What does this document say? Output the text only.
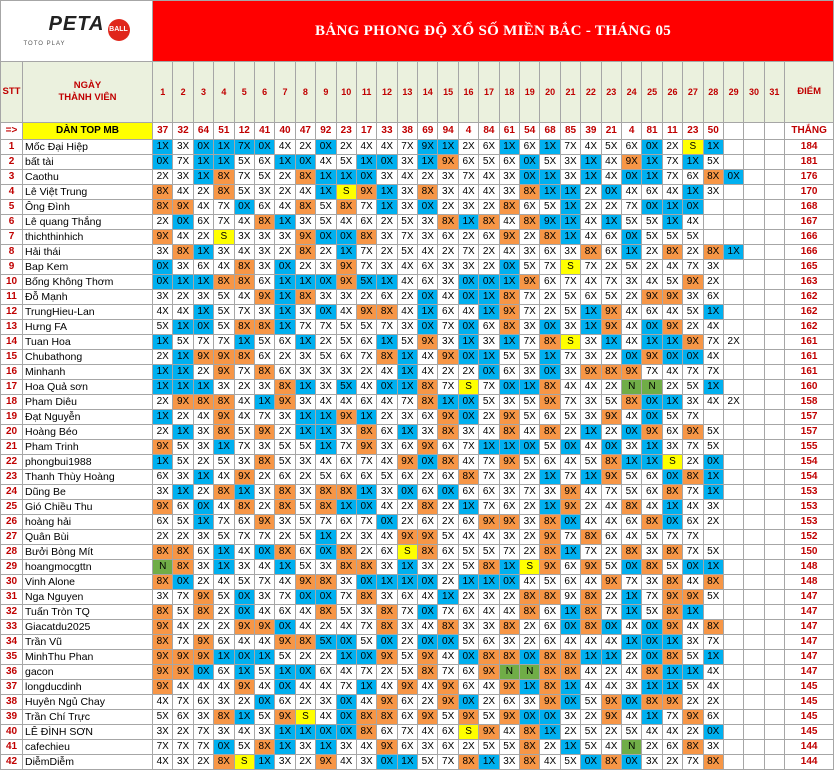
PETA BALL
TOTO PLAY		BẢNG PHONG ĐỘ XỔ SỐ MIỀN BẮC - THÁNG 05																															
STT	NGÀY
THÀNH VIÊN	1	2	3	4	5	6	7	8	9	10	11	12	13	14	15	16	17	18	19	20	21	22	23	24	25	26	27	28	29	30	31	ĐIỂM
=>	DÀN TOP MB	37	32	64	51	12	41	40	47	92	23	17	33	38	69	94	4	84	61	54	68	85	39	21	4	81	11	23	50				THẮNG
1	Mốc Đại Hiệp	1X	3X	0X	1X	7X	0X	4X	2X	0X	2X	4X	4X	7X	9X	1X	2X	6X	1X	6X	1X	7X	4X	5X	6X	0X	2X	S	1X				184
2	bất tài	0X	7X	1X	1X	5X	6X	1X	0X	4X	5X	1X	0X	3X	1X	9X	6X	5X	6X	0X	5X	3X	1X	4X	9X	1X	7X	1X	5X				181
3	Caothu	2X	3X	1X	8X	7X	5X	2X	8X	1X	1X	0X	3X	4X	2X	3X	7X	4X	3X	0X	1X	3X	1X	4X	0X	1X	7X	6X	8X	0X			176
4	Lê Việt Trung	8X	4X	2X	8X	5X	3X	2X	4X	1X	S	9X	1X	3X	8X	3X	4X	4X	3X	8X	1X	1X	2X	0X	4X	6X	4X	1X	3X				170
5	Ông Đình	8X	9X	4X	7X	0X	6X	4X	8X	5X	8X	7X	1X	3X	0X	2X	3X	2X	8X	6X	5X	1X	2X	2X	7X	0X	1X	0X					168
6	Lê quang Thắng	2X	0X	6X	7X	4X	8X	1X	3X	5X	4X	6X	2X	5X	3X	8X	1X	8X	4X	8X	9X	1X	4X	1X	5X	5X	1X	4X					167
7	thichthinhich	9X	4X	2X	S	3X	3X	3X	9X	0X	0X	8X	3X	7X	3X	6X	2X	6X	9X	2X	8X	1X	4X	6X	0X	5X	5X	5X					166
8	Hải thái	3X	8X	1X	3X	4X	3X	2X	8X	2X	1X	7X	2X	5X	4X	2X	7X	2X	4X	3X	6X	3X	8X	6X	1X	2X	8X	2X	8X	1X			166
9	Bap Kem	0X	3X	6X	4X	8X	3X	0X	2X	3X	9X	7X	3X	4X	6X	3X	3X	2X	0X	5X	7X	S	7X	2X	5X	2X	4X	7X	3X				165
10	Bống Không Thơm	0X	1X	1X	8X	8X	6X	1X	1X	0X	9X	5X	1X	4X	6X	3X	0X	0X	1X	9X	6X	7X	4X	7X	3X	4X	5X	9X	2X				163
11	Đỗ Mạnh	3X	2X	3X	5X	4X	9X	1X	8X	3X	3X	2X	6X	2X	0X	4X	0X	1X	8X	7X	2X	5X	6X	5X	2X	9X	9X	3X	6X				162
12	TrungHieu-Lan	4X	4X	1X	5X	7X	3X	1X	3X	0X	4X	9X	8X	4X	1X	6X	4X	1X	9X	7X	2X	5X	1X	9X	4X	6X	4X	5X	1X				162
13	Hưng FA	5X	1X	0X	5X	8X	8X	1X	7X	7X	5X	5X	7X	3X	0X	7X	0X	6X	8X	3X	0X	3X	1X	9X	4X	0X	9X	2X	4X				162
14	Tuan Hoa	1X	5X	7X	7X	1X	5X	6X	1X	2X	5X	6X	1X	5X	9X	3X	1X	3X	1X	7X	8X	S	3X	1X	4X	1X	1X	9X	7X	2X			161
15	Chubathong	2X	1X	9X	9X	8X	6X	2X	3X	5X	6X	7X	8X	1X	4X	9X	0X	1X	5X	5X	1X	7X	3X	2X	0X	9X	0X	0X	4X				161
16	Minhanh	1X	1X	2X	9X	7X	8X	6X	3X	3X	3X	2X	4X	1X	4X	2X	2X	0X	6X	3X	0X	3X	9X	8X	9X	7X	4X	7X	7X				161
17	Hoa Quả sơn	1X	1X	1X	3X	2X	3X	8X	1X	3X	5X	4X	0X	1X	8X	7X	S	7X	0X	1X	8X	4X	4X	2X	N	N	2X	5X	1X				160
18	Pham Diêu	2X	9X	8X	8X	4X	1X	9X	3X	4X	4X	6X	4X	7X	8X	1X	0X	5X	3X	5X	9X	7X	3X	5X	8X	0X	1X	3X	4X	2X			158
19	Đạt Nguyễn	1X	2X	4X	9X	4X	7X	3X	1X	1X	9X	1X	2X	3X	6X	9X	0X	2X	9X	5X	6X	5X	3X	9X	4X	0X	5X	7X					157
20	Hoàng Béo	2X	1X	3X	8X	5X	9X	2X	1X	1X	3X	8X	6X	1X	3X	8X	3X	4X	8X	4X	8X	2X	1X	2X	0X	9X	6X	9X	5X				157
21	Pham Trinh	9X	5X	3X	1X	7X	3X	5X	5X	1X	7X	9X	3X	6X	9X	6X	7X	1X	1X	0X	5X	0X	4X	0X	3X	1X	3X	7X	5X				155
22	phongbui1988	1X	5X	2X	5X	3X	8X	5X	3X	4X	6X	7X	4X	9X	0X	8X	4X	7X	9X	5X	6X	4X	5X	8X	1X	1X	S	2X	0X				154
23	Thanh Thùy Hoàng	6X	3X	1X	4X	9X	2X	6X	2X	5X	6X	6X	5X	6X	2X	6X	8X	7X	3X	2X	1X	7X	1X	9X	5X	6X	0X	8X	1X				154
24	Dũng Be	3X	1X	2X	8X	1X	3X	8X	3X	8X	8X	1X	3X	0X	6X	0X	6X	6X	3X	7X	3X	9X	4X	7X	5X	6X	8X	7X	1X				153
25	Gió Chiều Thu	9X	6X	0X	4X	8X	2X	8X	5X	8X	1X	0X	4X	2X	8X	2X	1X	7X	6X	2X	1X	9X	2X	4X	8X	4X	1X	4X	3X				153
26	hoàng hải	6X	5X	1X	7X	6X	9X	3X	5X	7X	6X	7X	0X	2X	6X	2X	6X	9X	9X	3X	8X	0X	4X	4X	6X	8X	0X	6X	2X				153
27	Quân Bùi	2X	2X	3X	5X	7X	7X	2X	5X	1X	2X	3X	4X	9X	9X	5X	4X	4X	3X	2X	9X	7X	8X	6X	4X	5X	7X	7X					152
28	Bưởi Bòng Mít	8X	8X	6X	1X	4X	0X	8X	6X	0X	8X	2X	6X	S	8X	6X	5X	5X	7X	2X	8X	1X	7X	2X	8X	3X	8X	7X	5X				150
29	hoangmocgttn	N	8X	3X	1X	3X	4X	1X	5X	3X	8X	8X	3X	1X	3X	2X	5X	8X	1X	S	9X	6X	9X	5X	0X	8X	5X	0X	1X				148
30	Vinh Alone	8X	0X	2X	4X	5X	7X	4X	9X	8X	3X	0X	1X	1X	0X	2X	1X	1X	0X	4X	5X	6X	4X	9X	7X	3X	8X	4X	8X				148
31	Nga Nguyen	3X	7X	9X	5X	0X	3X	7X	0X	0X	7X	8X	3X	6X	4X	1X	2X	3X	2X	8X	8X	9X	8X	2X	1X	7X	9X	9X	5X				147
32	Tuấn Tròn TQ	8X	5X	8X	2X	0X	4X	6X	4X	8X	5X	3X	8X	7X	0X	7X	6X	4X	4X	8X	6X	1X	8X	7X	1X	5X	8X	1X					147
33	Giacatdu2025	9X	4X	2X	2X	9X	9X	0X	4X	2X	4X	7X	8X	3X	4X	8X	3X	3X	8X	2X	6X	0X	8X	0X	4X	0X	9X	4X	8X				147
34	Trần Vũ	8X	7X	9X	6X	4X	4X	9X	8X	5X	0X	5X	0X	2X	0X	0X	5X	6X	3X	2X	6X	4X	4X	4X	1X	0X	1X	3X	7X				147
35	MinhThu Phan	9X	9X	9X	1X	0X	1X	5X	2X	2X	1X	0X	9X	5X	9X	4X	0X	8X	8X	0X	8X	8X	1X	1X	2X	0X	8X	5X	1X				147
36	gacon	9X	9X	0X	6X	1X	5X	1X	0X	6X	4X	7X	2X	5X	8X	7X	6X	9X	N	N	8X	8X	4X	2X	4X	8X	1X	1X	4X				147
37	longducdinh	9X	4X	4X	4X	9X	4X	0X	4X	4X	7X	1X	4X	9X	4X	9X	6X	4X	9X	1X	8X	1X	4X	4X	3X	1X	1X	5X	4X				145
38	Huyên Ngủ Chay	4X	7X	6X	3X	2X	0X	6X	2X	3X	0X	4X	9X	6X	2X	9X	0X	2X	6X	3X	9X	0X	5X	9X	0X	8X	9X	2X	2X				145
39	Trần Chí Trực	5X	6X	3X	8X	1X	5X	9X	S	4X	0X	8X	8X	6X	9X	5X	9X	5X	9X	0X	0X	3X	2X	9X	4X	1X	7X	9X	6X				145
40	LÊ ĐÌNH SƠN	3X	2X	7X	3X	4X	3X	1X	1X	0X	0X	8X	6X	7X	4X	6X	S	9X	4X	8X	1X	2X	5X	2X	5X	4X	4X	2X	0X				145
41	cafechieu	7X	7X	7X	0X	5X	8X	1X	3X	1X	3X	4X	9X	6X	3X	6X	2X	5X	5X	8X	2X	1X	5X	4X	N	2X	6X	8X	3X				144
42	DiễmDiễm	4X	3X	2X	8X	S	1X	3X	2X	9X	4X	3X	0X	1X	5X	7X	8X	1X	3X	8X	4X	5X	0X	8X	0X	3X	2X	7X	8X				144
